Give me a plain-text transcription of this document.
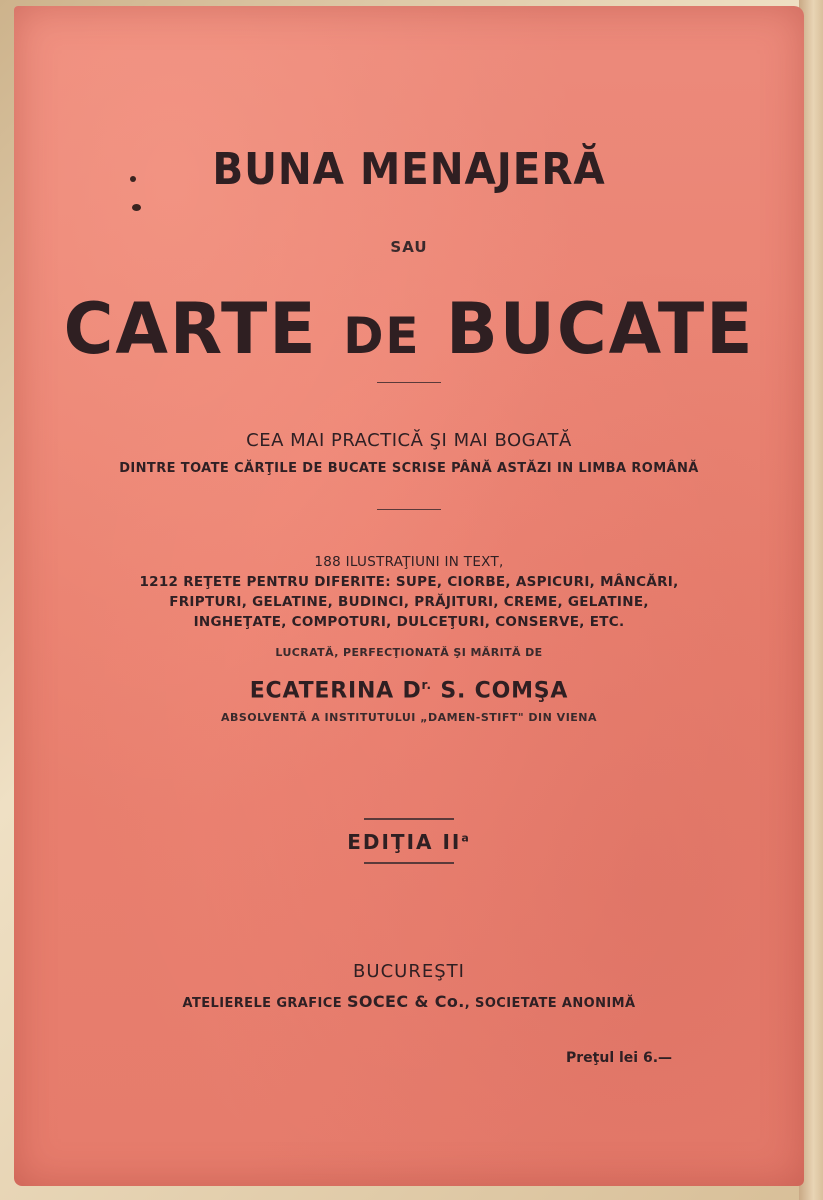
BUNA MENAJERĂ
SAU
CARTE DE BUCATE
CEA MAI PRACTICĂ ŞI MAI BOGATĂ
DINTRE TOATE CĂRŢILE DE BUCATE SCRISE PÂNĂ ASTĂZI IN LIMBA ROMÂNĂ
188 ILUSTRAŢIUNI IN TEXT,
1212 REŢETE PENTRU DIFERITE: SUPE, CIORBE, ASPICURI, MÂNCĂRI,
FRIPTURI, GELATINE, BUDINCI, PRĂJITURI, CREME, GELATINE,
INGHEŢATE, COMPOTURI, DULCEŢURI, CONSERVE, ETC.
LUCRATĂ, PERFECŢIONATĂ ŞI MĂRITĂ DE
ECATERINA $D^{r.}$ S. COMŞA
ABSOLVENTĂ A INSTITUTULUI „DAMEN-STIFT" DIN VIENA
EDIŢIA $II^a$
BUCUREŞTI
ATELIERELE GRAFICE SOCEC & Co., SOCIETATE ANONIMĂ
Preţul lei 6.—
